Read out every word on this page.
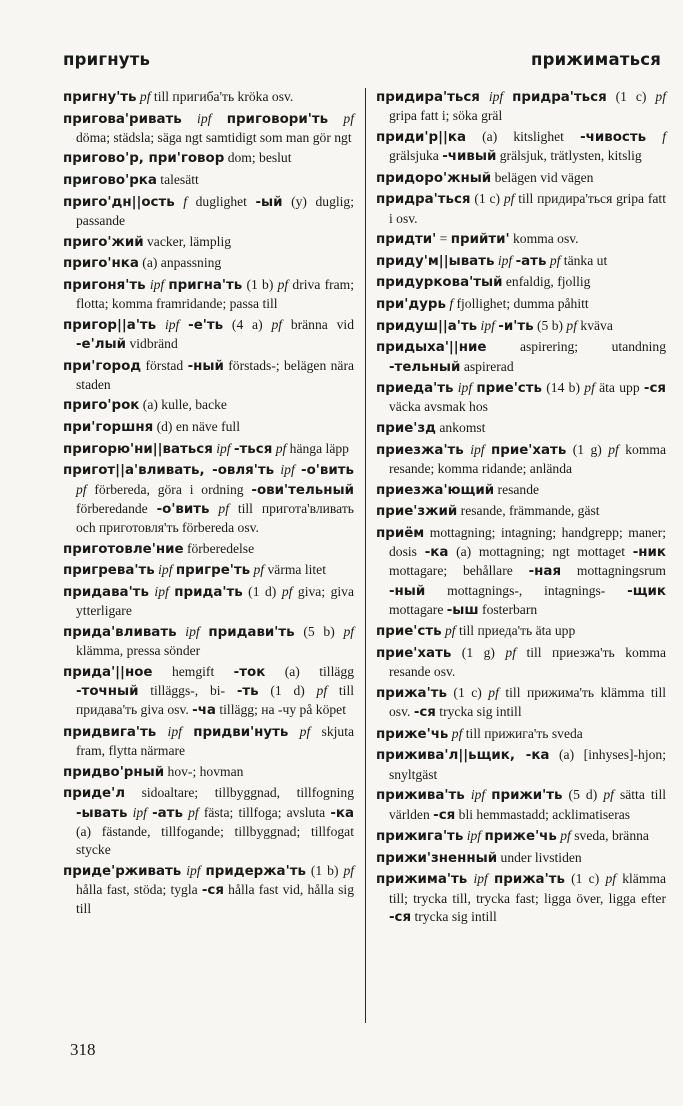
пригнуть	прижиматься

пригну'ть pf till пригиба'ть kröka osv.

пригова'ривать ipf приговори'ть pf döma; städsla; säga ngt samtidigt som man gör ngt

пригово'р, при'говор dom; beslut

пригово'рка talesätt

приго'дн||ость f duglighet -ый (y) duglig; passande

приго'жий vacker, lämplig

приго'нка (a) anpassning

пригоня'ть ipf пригна'ть (1 b) pf driva fram; flotta; komma framridande; passa till

пригор||а'ть ipf -е'ть (4 a) pf bränna vid -е'лый vidbränd

при'город förstad -ный förstads-; belägen nära staden

приго'рок (a) kulle, backe

при'горшня (d) en näve full

пригорю'ни||ваться ipf -ться pf hänga läpp

пригот||а'вливать, -овля'ть ipf -о'вить pf förbereda, göra i ordning -ови'тельный förberedande -о'вить pf till пригота'вливать och приготовля'ть förbereda osv.

приготовле'ние förberedelse

пригрева'ть ipf пригре'ть pf värma litet

придава'ть ipf прида'ть (1 d) pf giva; giva ytterligare

прида'вливать ipf придави'ть (5 b) pf klämma, pressa sönder

прида'||ное hemgift -ток (a) tillägg -точный tilläggs-, bi- -ть (1 d) pf till придава'ть giva osv. -ча tillägg; на -чу på köpet

придвига'ть ipf придви'нуть pf skjuta fram, flytta närmare

придво'рный hov-; hovman

приде'л sidoaltare; tillbyggnad, tillfogning -ывать ipf -ать pf fästa; tillfoga; avsluta -ка (a) fästande, tillfogande; tillbyggnad; tillfogat stycke

приде'рживать ipf придержа'ть (1 b) pf hålla fast, stöda; tygla -ся hålla fast vid, hålla sig till

придира'ться ipf придра'ться (1 c) pf gripa fatt i; söka gräl

приди'р||ка (a) kitslighet -чивость f grälsjuka -чивый grälsjuk, trätlysten, kitslig

придоро'жный belägen vid vägen

придра'ться (1 c) pf till придира'ться gripa fatt i osv.

придти' = прийти' komma osv.

приду'м||ывать ipf -ать pf tänka ut

придуркова'тый enfaldig, fjollig

при'дурь f fjollighet; dumma påhitt

придуш||а'ть ipf -и'ть (5 b) pf kväva

придыха'||ние aspirering; utandning -тельный aspirerad

приеда'ть ipf прие'сть (14 b) pf äta upp -ся väcka avsmak hos

прие'зд ankomst

приезжа'ть ipf прие'хать (1 g) pf komma resande; komma ridande; anlända

приезжа'ющий resande

прие'зжий resande, främmande, gäst

приём mottagning; intagning; handgrepp; maner; dosis -ка (a) mottagning; ngt mottaget -ник mottagare; behållare -ная mottagningsrum -ный mottagnings-, intagnings- -щик mottagare -ыш fosterbarn

прие'сть pf till приеда'ть äta upp

прие'хать (1 g) pf till приезжа'ть komma resande osv.

прижа'ть (1 c) pf till прижима'ть klämma till osv. -ся trycka sig intill

приже'чь pf till прижига'ть sveda

прижива'л||ьщик, -ка (a) [inhyses]-hjon; snyltgäst

прижива'ть ipf прижи'ть (5 d) pf sätta till världen -ся bli hemmastadd; acklimatiseras

прижига'ть ipf приже'чь pf sveda, bränna

прижи'зненный under livstiden

прижима'ть ipf прижа'ть (1 c) pf klämma till; trycka till, trycka fast; ligga över, ligga efter -ся trycka sig intill

318
